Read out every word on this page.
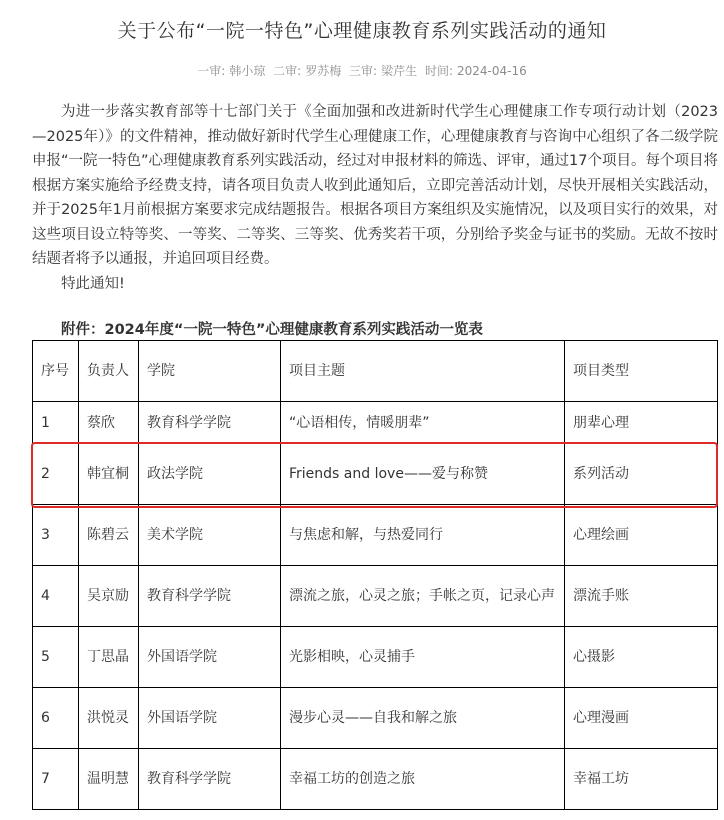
关于公布“一院一特色”心理健康教育系列实践活动的通知
一审: 韩小琼 二审: 罗苏梅 三审: 梁芹生 时间: 2024-04-16

为进一步落实教育部等十七部门关于《全面加强和改进新时代学生心理健康工作专项行动计划（2023—2025年）》的文件精神，推动做好新时代学生心理健康工作，心理健康教育与咨询中心组织了各二级学院申报“一院一特色”心理健康教育系列实践活动，经过对申报材料的筛选、评审，通过17个项目。每个项目将根据方案实施给予经费支持，请各项目负责人收到此通知后，立即完善活动计划，尽快开展相关实践活动，并于2025年1月前根据方案要求完成结题报告。根据各项目方案组织及实施情况，以及项目实行的效果，对这些项目设立特等奖、一等奖、二等奖、三等奖、优秀奖若干项，分别给予奖金与证书的奖励。无故不按时结题者将予以通报，并追回项目经费。

特此通知!

附件：2024年度“一院一特色”心理健康教育系列实践活动一览表
序号	负责人	学院	项目主题	项目类型
1	蔡欣	教育科学学院	“心语相传，情暖朋辈”	朋辈心理
2	韩宜桐	政法学院	Friends and love——爱与称赞	系列活动
3	陈碧云	美术学院	与焦虑和解，与热爱同行	心理绘画
4	吴京励	教育科学学院	漂流之旅，心灵之旅；手帐之页，记录心声	漂流手账
5	丁思晶	外国语学院	光影相映，心灵捕手	心摄影
6	洪悦灵	外国语学院	漫步心灵——自我和解之旅	心理漫画
7	温明慧	教育科学学院	幸福工坊的创造之旅	幸福工坊
